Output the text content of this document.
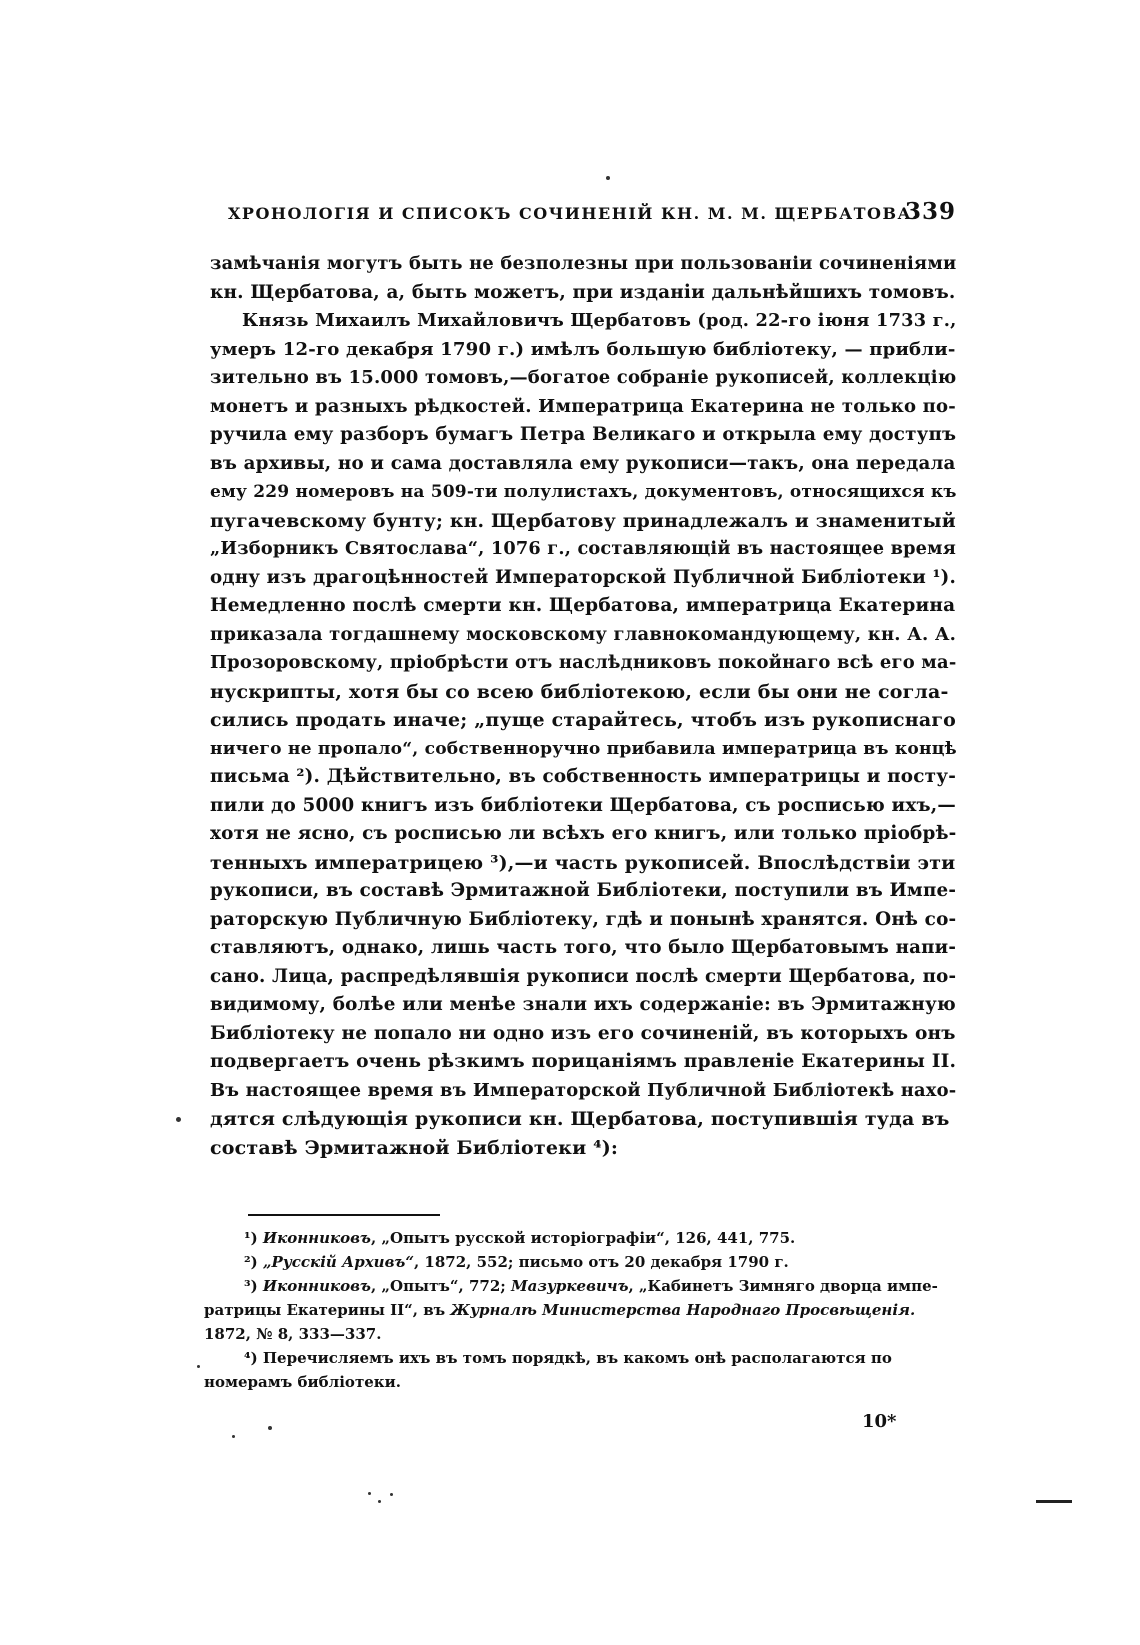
ХРОНОЛОГІЯ И СПИСОКЪ СОЧИНЕНІЙ КН. М. М. ЩЕРБАТОВА.
339
замѣчанія могутъ быть не безполезны при пользованіи сочиненіями
кн. Щербатова, а, быть можетъ, при изданіи дальнѣйшихъ томовъ.
Князь Михаилъ Михайловичъ Щербатовъ (род. 22-го іюня 1733 г.,
умеръ 12-го декабря 1790 г.) имѣлъ большую библіотеку, — прибли-
зительно въ 15.000 томовъ,—богатое собраніе рукописей, коллекцію
монетъ и разныхъ рѣдкостей. Императрица Екатерина не только по-
ручила ему разборъ бумагъ Петра Великаго и открыла ему доступъ
въ архивы, но и сама доставляла ему рукописи—такъ, она передала
ему 229 номеровъ на 509-ти полулистахъ, документовъ, относящихся къ
пугачевскому бунту; кн. Щербатову принадлежалъ и знаменитый
„Изборникъ Святослава“, 1076 г., составляющій въ настоящее время
одну изъ драгоцѣнностей Императорской Публичной Библіотеки ¹).
Немедленно послѣ смерти кн. Щербатова, императрица Екатерина
приказала тогдашнему московскому главнокомандующему, кн. А. А.
Прозоровскому, пріобрѣсти отъ наслѣдниковъ покойнаго всѣ его ма-
нускрипты, хотя бы со всею библіотекою, если бы они не согла-
сились продать иначе; „пуще старайтесь, чтобъ изъ рукописнаго
ничего не пропало“, собственноручно прибавила императрица въ концѣ
письма ²). Дѣйствительно, въ собственность императрицы и посту-
пили до 5000 книгъ изъ библіотеки Щербатова, съ росписью ихъ,—
хотя не ясно, съ росписью ли всѣхъ его книгъ, или только пріобрѣ-
тенныхъ императрицею ³),—и часть рукописей. Впослѣдствіи эти
рукописи, въ составѣ Эрмитажной Библіотеки, поступили въ Импе-
раторскую Публичную Библіотеку, гдѣ и понынѣ хранятся. Онѣ со-
ставляютъ, однако, лишь часть того, что было Щербатовымъ напи-
сано. Лица, распредѣлявшія рукописи послѣ смерти Щербатова, по-
видимому, болѣе или менѣе знали ихъ содержаніе: въ Эрмитажную
Библіотеку не попало ни одно изъ его сочиненій, въ которыхъ онъ
подвергаетъ очень рѣзкимъ порицаніямъ правленіе Екатерины II.
Въ настоящее время въ Императорской Публичной Библіотекѣ нахо-
дятся слѣдующія рукописи кн. Щербатова, поступившія туда въ
составѣ Эрмитажной Библіотеки ⁴):
¹) Иконниковъ, „Опытъ русской исторіографіи“, 126, 441, 775.
²) „Русскій Архивъ“, 1872, 552; письмо отъ 20 декабря 1790 г.
³) Иконниковъ, „Опытъ“, 772; Мазуркевичъ, „Кабинетъ Зимняго дворца импе-
ратрицы Екатерины II“, въ Журналѣ Министерства Народнаго Просвѣщенія.
1872, № 8, 333—337.
⁴) Перечисляемъ ихъ въ томъ порядкѣ, въ какомъ онѣ располагаются по
номерамъ библіотеки.
10*
